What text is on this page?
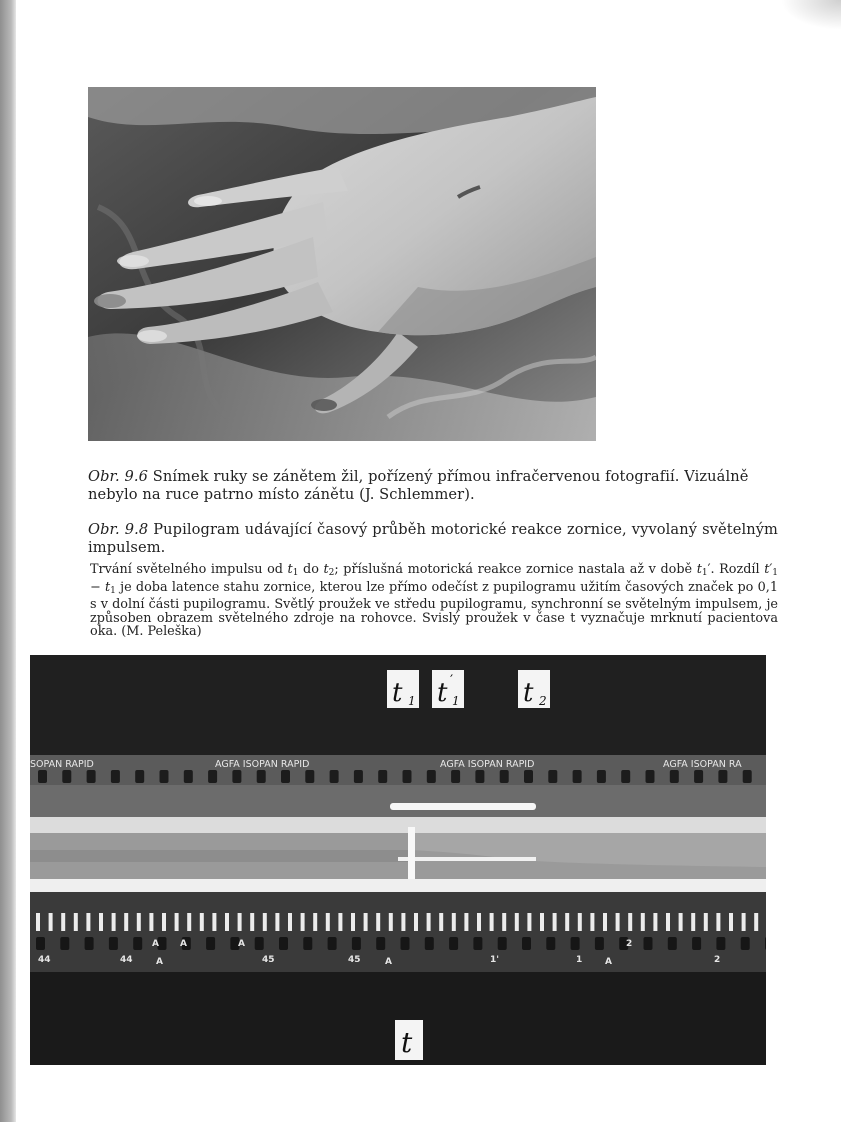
Obr. 9.6 Snímek ruky se zánětem žil, pořízený přímou infračervenou fotografií. Vizuálně
nebylo na ruce patrno místo zánětu (J. Schlemmer).
Obr. 9.8 Pupilogram udávající časový průběh motorické reakce zornice, vyvolaný světelným impulsem.

Trvání světelného impulsu od $t_1$ do $t_2$; příslušná motorická reakce zornice nastala až v době $t_1'$. Rozdíl $t'_1 - t_1$ je doba latence stahu zornice, kterou lze přímo odečíst z pupilogramu užitím časových značek po 0,1 s v dolní části pupilogramu. Světlý proužek ve středu pupilogramu, synchronní se světelným impulsem, je způsoben obrazem světelného zdroje na rohovce. Svislý proužek v čase t vyznačuje mrknutí pacientova oka. (M. Peleška)

t 1 t 1
′	t 2
SOPAN RAPID	AGFA ISOPAN RAPID	AGFA ISOPAN RAPID	AGFA ISOPAN RA
44	44	A	45	45	A	1'	1	A	2
2
A A	A
t
